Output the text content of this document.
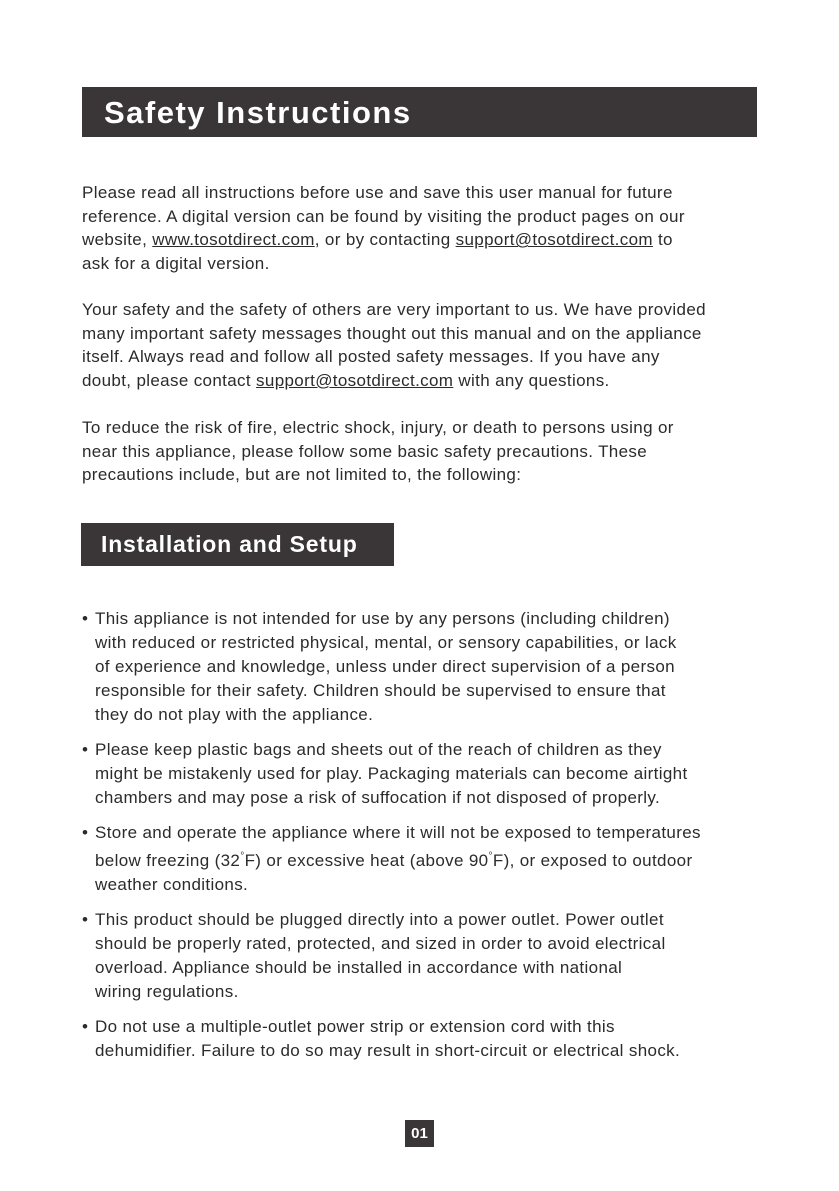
Safety Instructions

Please read all instructions before use and save this user manual for future
reference. A digital version can be found by visiting the product pages on our
website, www.tosotdirect.com, or by contacting support@tosotdirect.com to
ask for a digital version.

Your safety and the safety of others are very important to us. We have provided
many important safety messages thought out this manual and on the appliance
itself. Always read and follow all posted safety messages. If you have any
doubt, please contact support@tosotdirect.com with any questions.

To reduce the risk of fire, electric shock, injury, or death to persons using or
near this appliance, please follow some basic safety precautions. These
precautions include, but are not limited to, the following:

Installation and Setup
• This appliance is not intended for use by any persons (including children)
with reduced or restricted physical, mental, or sensory capabilities, or lack
of experience and knowledge, unless under direct supervision of a person
responsible for their safety. Children should be supervised to ensure that
they do not play with the appliance.
• Please keep plastic bags and sheets out of the reach of children as they
might be mistakenly used for play. Packaging materials can become airtight
chambers and may pose a risk of suffocation if not disposed of properly.
• Store and operate the appliance where it will not be exposed to temperatures
below freezing (32°F) or excessive heat (above 90°F), or exposed to outdoor
weather conditions.
• This product should be plugged directly into a power outlet. Power outlet
should be properly rated, protected, and sized in order to avoid electrical
overload. Appliance should be installed in accordance with national
wiring regulations.
• Do not use a multiple-outlet power strip or extension cord with this
dehumidifier. Failure to do so may result in short-circuit or electrical shock.
01
